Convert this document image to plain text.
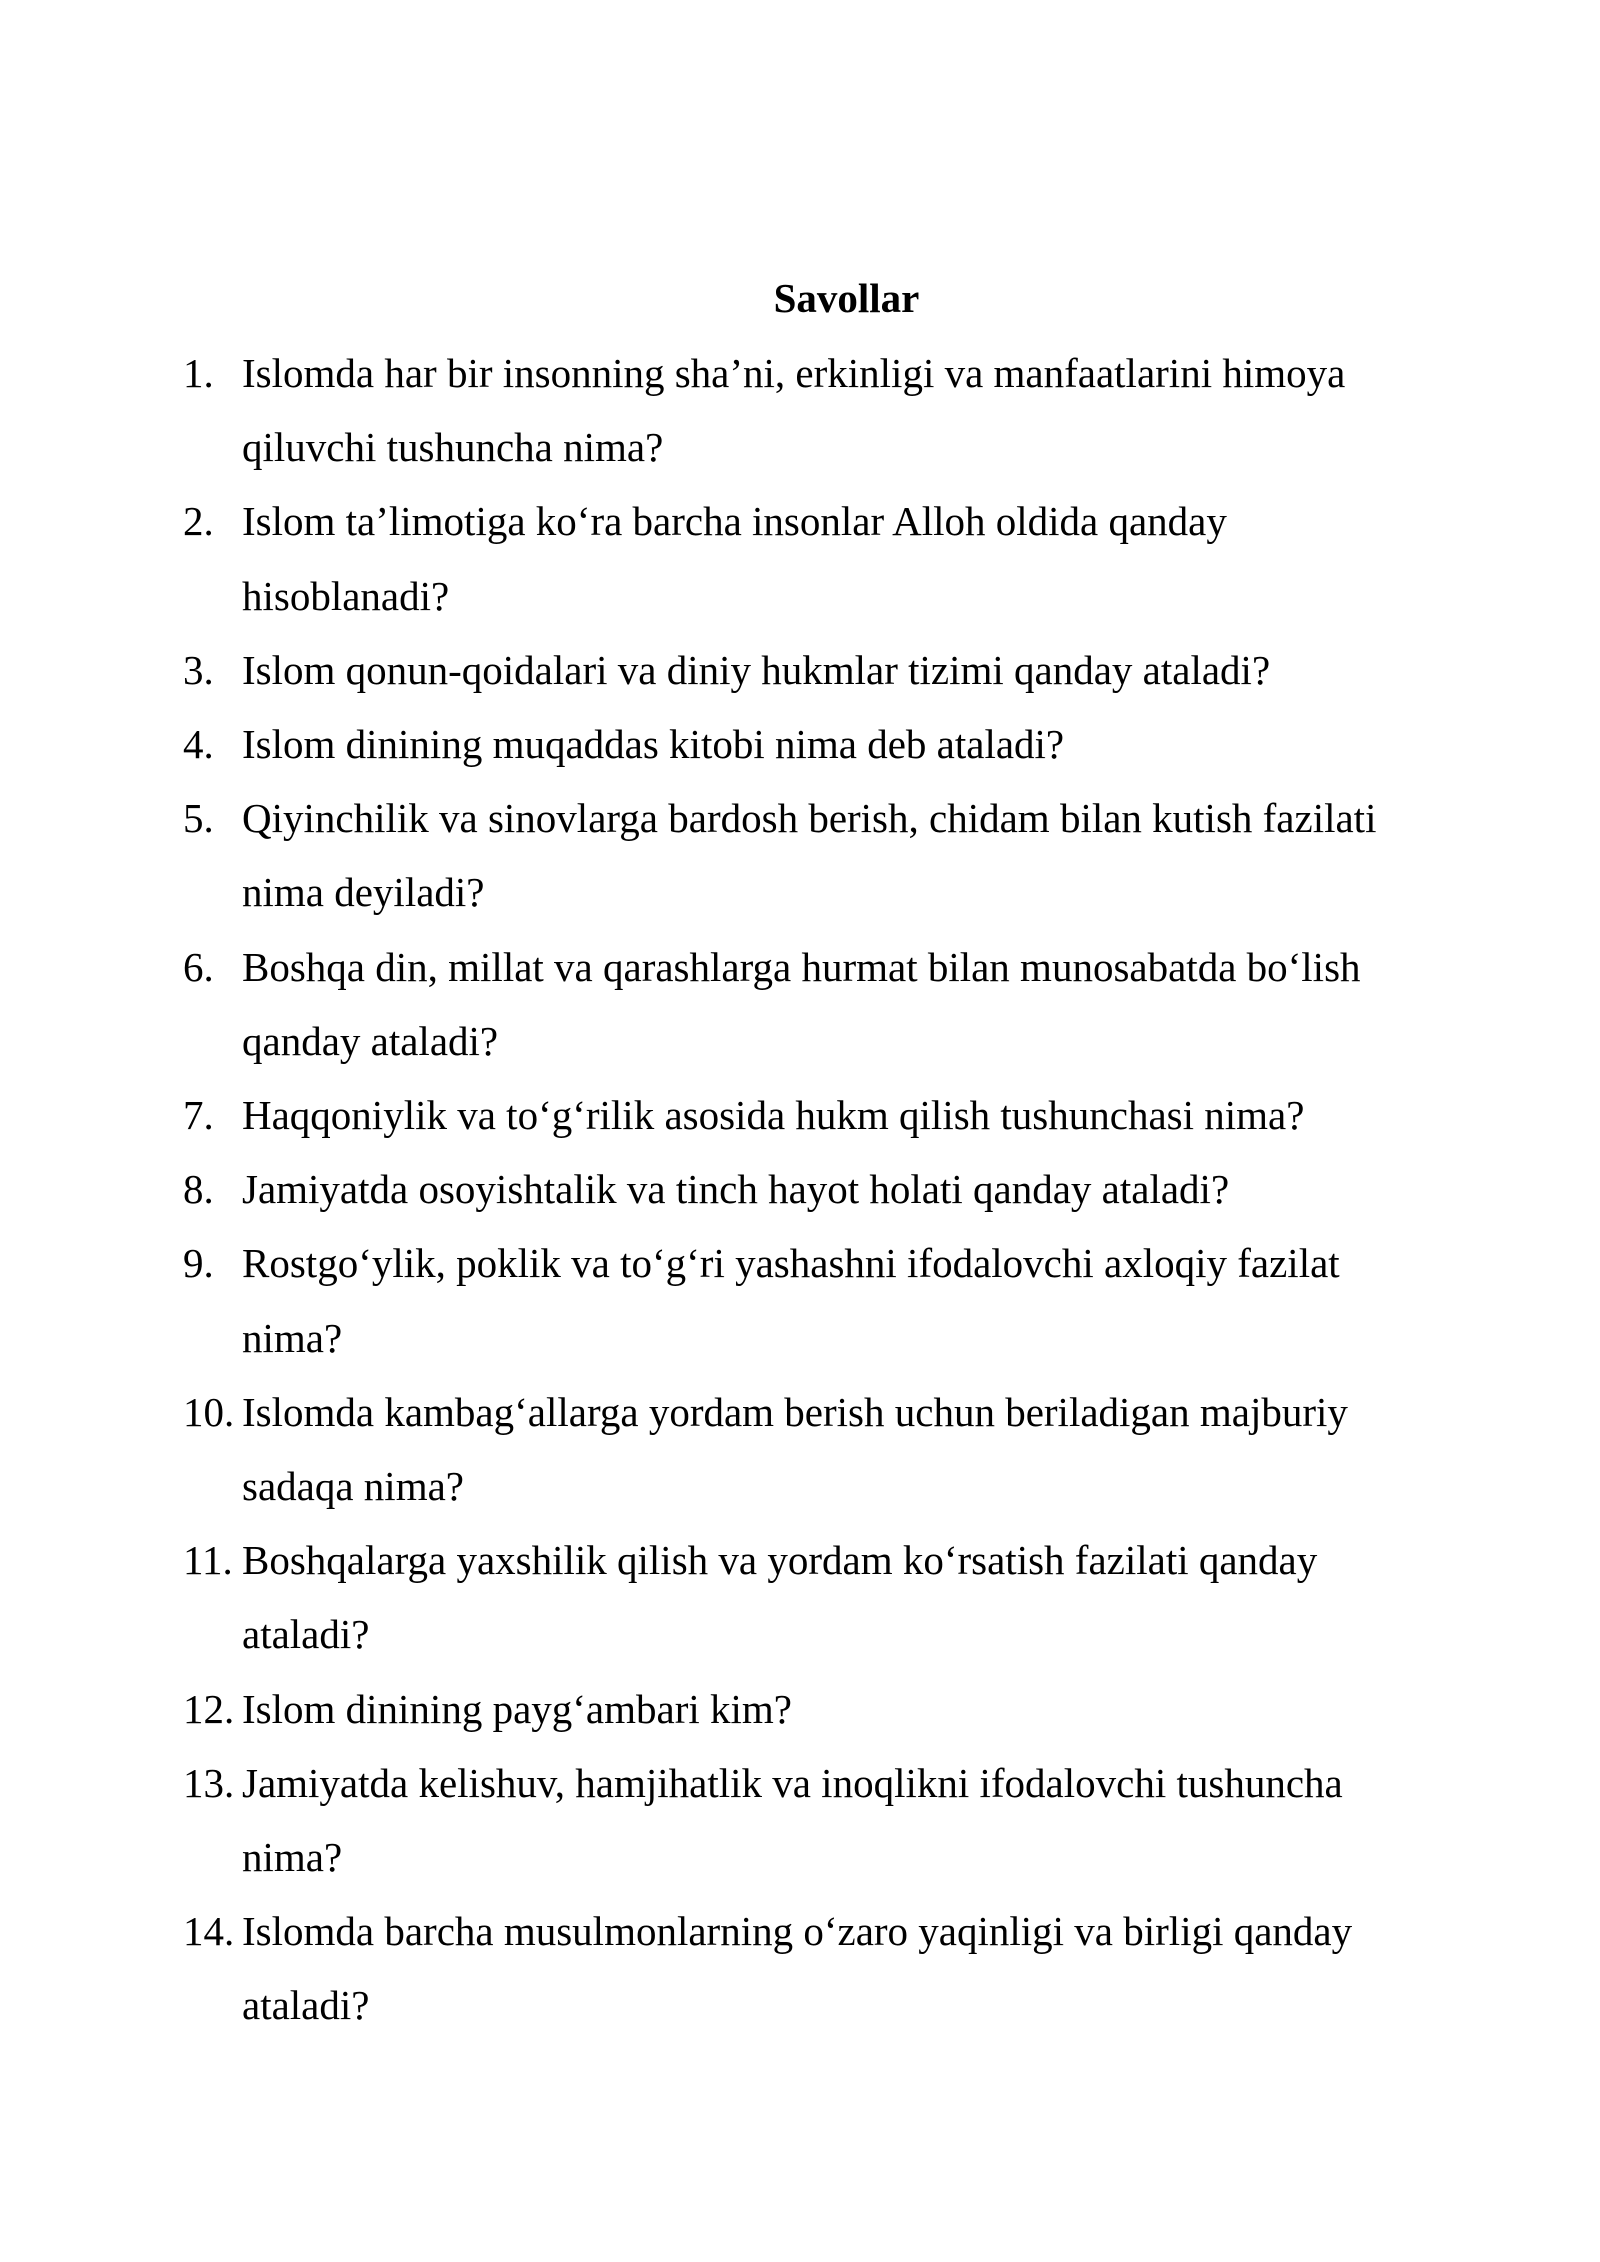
Savollar
1. Islomda har bir insonning sha’ni, erkinligi va manfaatlarini himoya
qiluvchi tushuncha nima?
2. Islom ta’limotiga ko‘ra barcha insonlar Alloh oldida qanday
hisoblanadi?
3. Islom qonun-qoidalari va diniy hukmlar tizimi qanday ataladi?
4. Islom dinining muqaddas kitobi nima deb ataladi?
5. Qiyinchilik va sinovlarga bardosh berish, chidam bilan kutish fazilati
nima deyiladi?
6. Boshqa din, millat va qarashlarga hurmat bilan munosabatda bo‘lish
qanday ataladi?
7. Haqqoniylik va to‘g‘rilik asosida hukm qilish tushunchasi nima?
8. Jamiyatda osoyishtalik va tinch hayot holati qanday ataladi?
9. Rostgo‘ylik, poklik va to‘g‘ri yashashni ifodalovchi axloqiy fazilat
nima?
10. Islomda kambag‘allarga yordam berish uchun beriladigan majburiy
sadaqa nima?
11. Boshqalarga yaxshilik qilish va yordam ko‘rsatish fazilati qanday
ataladi?
12. Islom dinining payg‘ambari kim?
13. Jamiyatda kelishuv, hamjihatlik va inoqlikni ifodalovchi tushuncha
nima?
14. Islomda barcha musulmonlarning o‘zaro yaqinligi va birligi qanday
ataladi?
